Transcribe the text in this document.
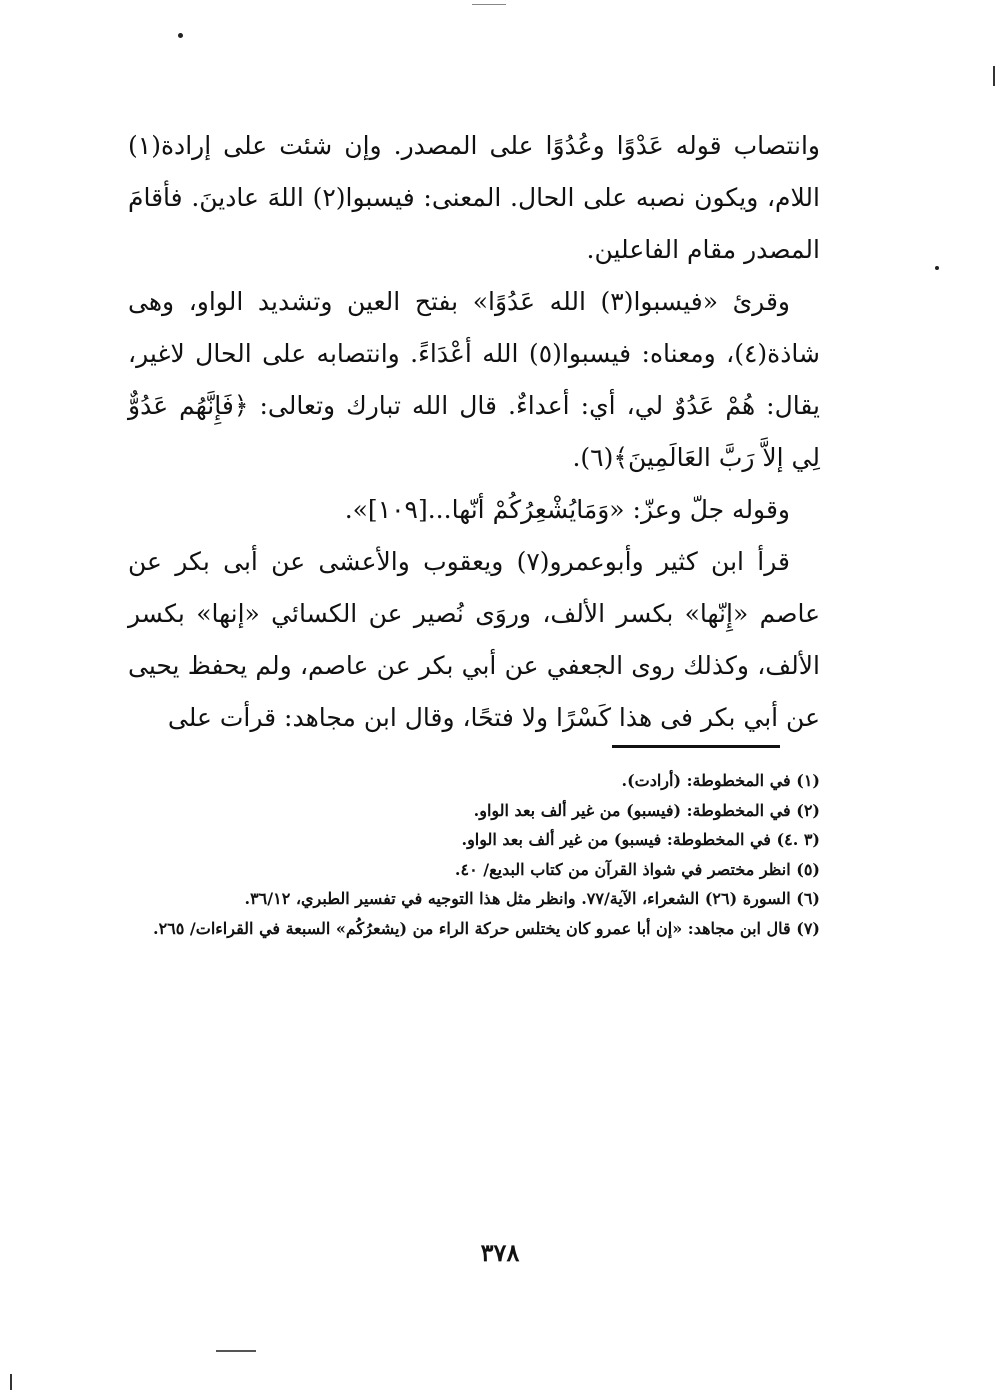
وانتصاب قوله عَدْوًا وعُدُوًا على المصدر. وإن شئت على إرادة(١) اللام، ويكون نصبه على الحال. المعنى: فيسبوا(٢) اللهَ عادينَ. فأقامَ المصدر مقام الفاعلين.

وقرئ «فيسبوا(٣) الله عَدُوًا» بفتح العين وتشديد الواو، وهى شاذة(٤)، ومعناه: فيسبوا(٥) الله أعْدَاءً. وانتصابه على الحال لاغير، يقال: هُمْ عَدُوٌ لي، أي: أعداءٌ. قال الله تبارك وتعالى: ﴿فَإِنَّهُم عَدُوٌّ لِي إلاَّ رَبَّ العَالَمِينَ﴾(٦).

وقوله جلّ وعزّ: «وَمَايُشْعِرُكُمْ أنّها...[١٠٩]».

قرأ ابن كثير وأبوعمرو(٧) ويعقوب والأعشى عن أبى بكر عن عاصم «إِنّها» بكسر الألف، وروَى نُصير عن الكسائي «إنها» بكسر الألف، وكذلك روى الجعفي عن أبي بكر عن عاصم، ولم يحفظ يحيى عن أبي بكر فى هذا كَسْرًا ولا فتحًا، وقال ابن مجاهد: قرأت على

(١) في المخطوطة: (أرادت).

(٢) في المخطوطة: (فيسبو) من غير ألف بعد الواو.

(٣ .٤) في المخطوطة: فيسبو) من غير ألف بعد الواو.

(٥) انظر مختصر في شواذ القرآن من كتاب البديع/ ٤٠.

(٦) السورة (٢٦) الشعراء، الآية/٧٧. وانظر مثل هذا التوجيه في تفسير الطبري، ٣٦/١٢.

(٧) قال ابن مجاهد: «إن أبا عمرو كان يختلس حركة الراء من (يشعرُكُم» السبعة في القراءات/ ٢٦٥.

٣٧٨
